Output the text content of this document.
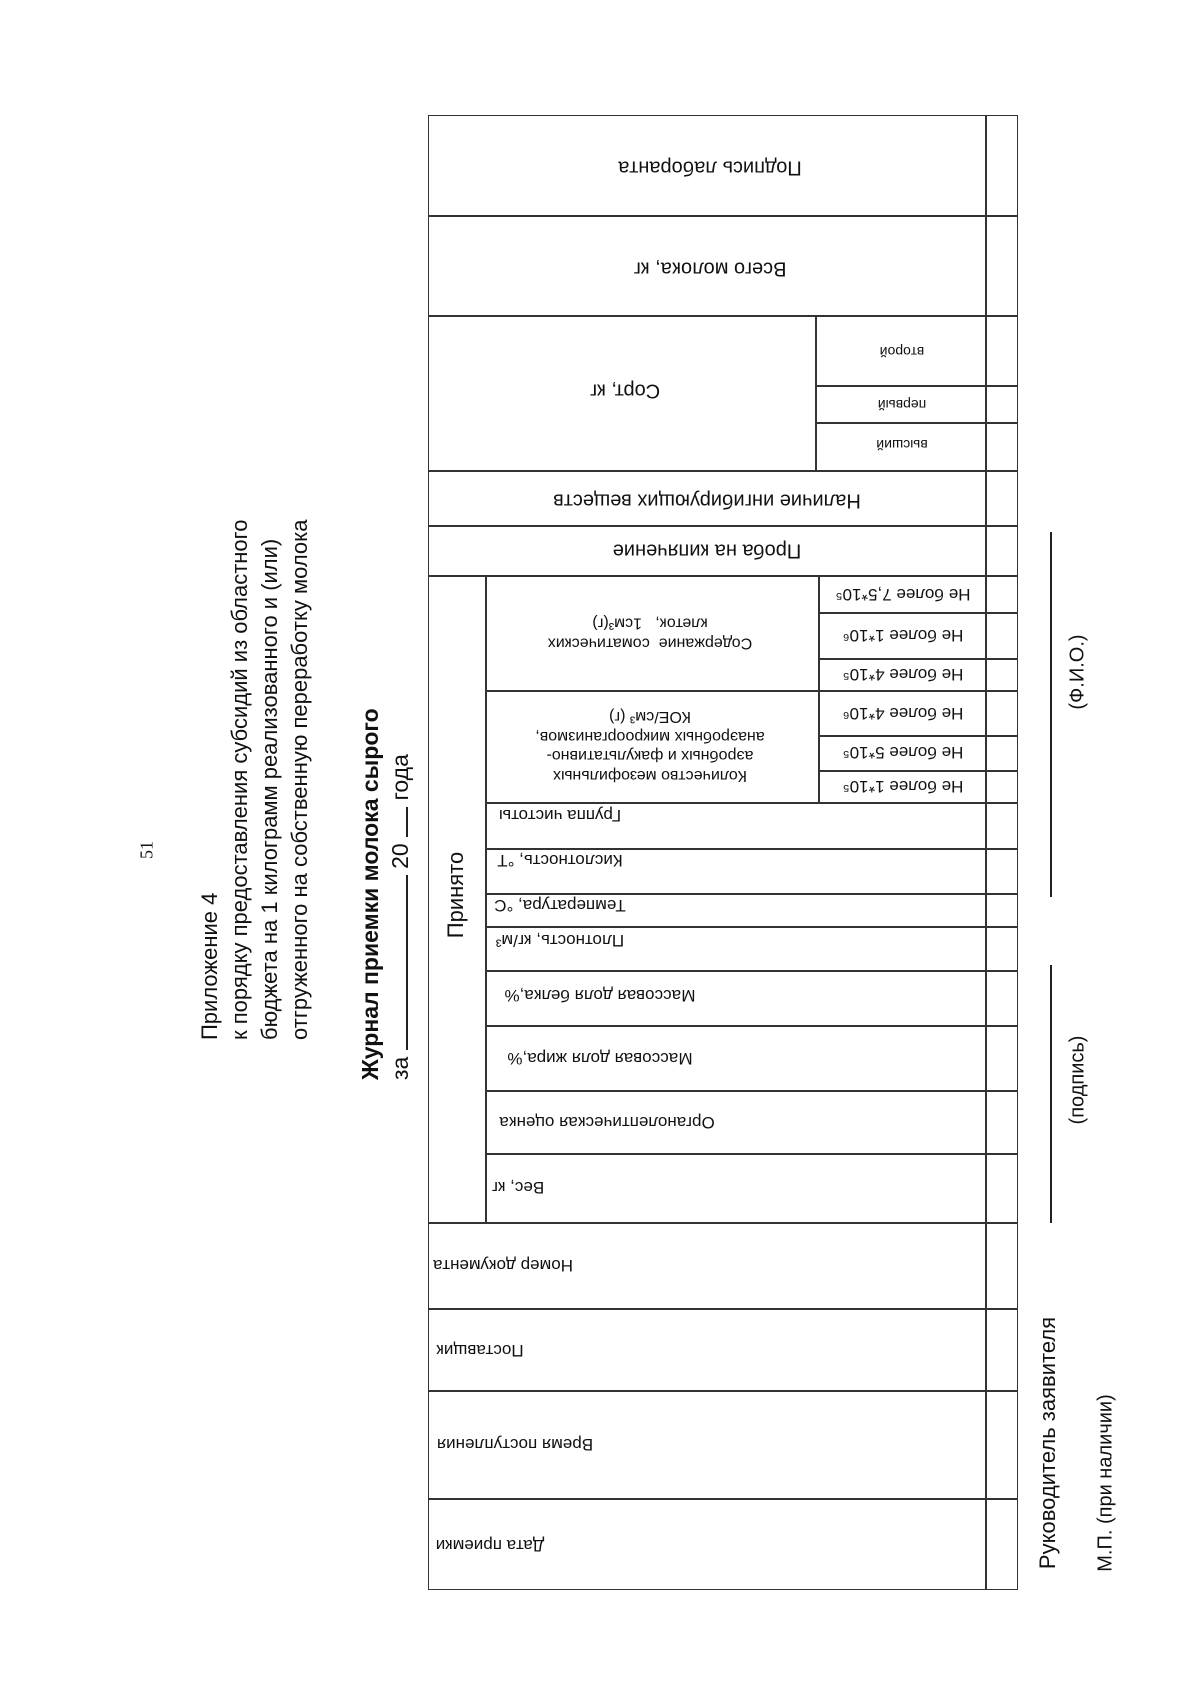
51
Приложение 4 к порядку предоставления субсидий из областного бюджета на 1 килограмм реализованного и (или) отгруженного на собственную переработку молока Журнал приемки молока сырого за  20  года
Подпись лаборанта
Всего молока, кг
Сорт, кг
второй
первый
высший
Наличие ингибирующих веществ
Проба на кипячение
Содержание  соматических
клеток,   1см³(г)
Не более 7,5*10⁵
Не более 1*10⁶
Не более 4*10⁵
Количество мезофильных
аэробных и факультативно-
анаэробных микроорганизмов,
КОЕ/см³ (г)	Не более 4*10⁶
Не более 5*10⁵
Не более 1*10⁵
Группа чистоты
Кислотность, °Т
Температура, °С
Плотность, кг/м³
Массовая доля белка,%
Массовая доля жира,%
Органолептическая оценка
Вес, кг
Принято
Номер документа
Поставщик
Время поступления
Дата приемки	Руководитель заявителя
(подпись)
(Ф.И.О.)
М.П. (при наличии)
